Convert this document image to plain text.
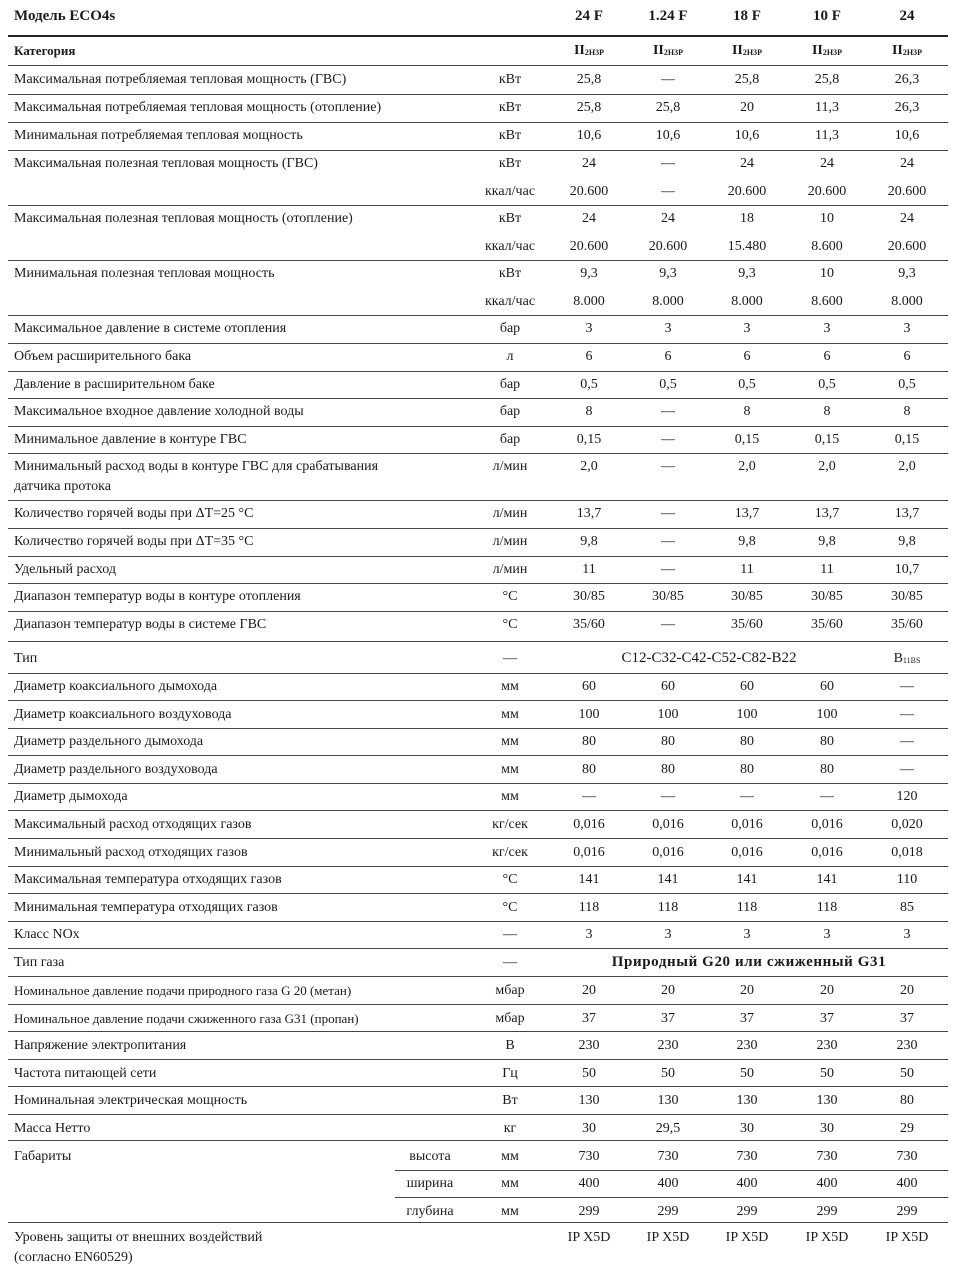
Модель ECO4s	24 F	1.24 F	18 F	10 F	24
Категория	II2H3P	II2H3P	II2H3P	II2H3P	II2H3P
Максимальная потребляемая тепловая мощность (ГВС)	кВт	25,8	—	25,8	25,8	26,3
Максимальная потребляемая тепловая мощность (отопление)	кВт	25,8	25,8	20	11,3	26,3
Минимальная потребляемая тепловая мощность	кВт	10,6	10,6	10,6	11,3	10,6
Максимальная полезная тепловая мощность (ГВС)	кВт	24	—	24	24	24
ккал/час	20.600	—	20.600	20.600	20.600
Максимальная полезная тепловая мощность (отопление)	кВт	24	24	18	10	24
ккал/час	20.600	20.600	15.480	8.600	20.600
Минимальная полезная тепловая мощность	кВт	9,3	9,3	9,3	10	9,3
ккал/час	8.000	8.000	8.000	8.600	8.000
Максимальное давление в системе отопления	бар	3	3	3	3	3
Объем расширительного бака	л	6	6	6	6	6
Давление в расширительном баке	бар	0,5	0,5	0,5	0,5	0,5
Максимальное входное давление холодной воды	бар	8	—	8	8	8
Минимальное давление в контуре ГВС	бар	0,15	—	0,15	0,15	0,15
Минимальный расход воды в контуре ГВС для срабатывания
датчика протока
л/мин	2,0	—	2,0	2,0	2,0
Количество горячей воды при ΔT=25 °С	л/мин	13,7	—	13,7	13,7	13,7
Количество горячей воды при ΔT=35 °С	л/мин	9,8	—	9,8	9,8	9,8
Удельный расход	л/мин	11	—	11	11	10,7
Диапазон температур воды в контуре отопления	°С	30/85	30/85	30/85	30/85	30/85
Диапазон температур воды в системе ГВС	°С	35/60	—	35/60	35/60	35/60
Тип	—	С12-С32-С42-С52-С82-В22	В11BS
Диаметр коаксиального дымохода	мм	60	60	60	60	—
Диаметр коаксиального воздуховода	мм	100	100	100	100	—
Диаметр раздельного дымохода	мм	80	80	80	80	—
Диаметр раздельного воздуховода	мм	80	80	80	80	—
Диаметр дымохода	мм	—	—	—	—	120
Максимальный расход отходящих газов	кг/сек	0,016	0,016	0,016	0,016	0,020
Минимальный расход отходящих газов	кг/сек	0,016	0,016	0,016	0,016	0,018
Максимальная температура отходящих газов	°С	141	141	141	141	110
Минимальная температура отходящих газов	°С	118	118	118	118	85
Класс NOx	—	3	3	3	3	3
Тип газа	—	Природный G20 или сжиженный G31
Номинальное давление подачи природного газа G 20 (метан)	мбар	20	20	20	20	20
Номинальное давление подачи сжиженного газа G31 (пропан)	мбар	37	37	37	37	37
Напряжение электропитания	В	230	230	230	230	230
Частота питающей сети	Гц	50	50	50	50	50
Номинальная электрическая мощность	Вт	130	130	130	130	80
Масса Нетто	кг	30	29,5	30	30	29
Габариты	высота	мм	730	730	730	730	730
ширина	мм	400	400	400	400	400
глубина	мм	299	299	299	299	299
Уровень защиты от внешних воздействий
(согласно EN60529)
IP X5D	IP X5D	IP X5D	IP X5D	IP X5D
